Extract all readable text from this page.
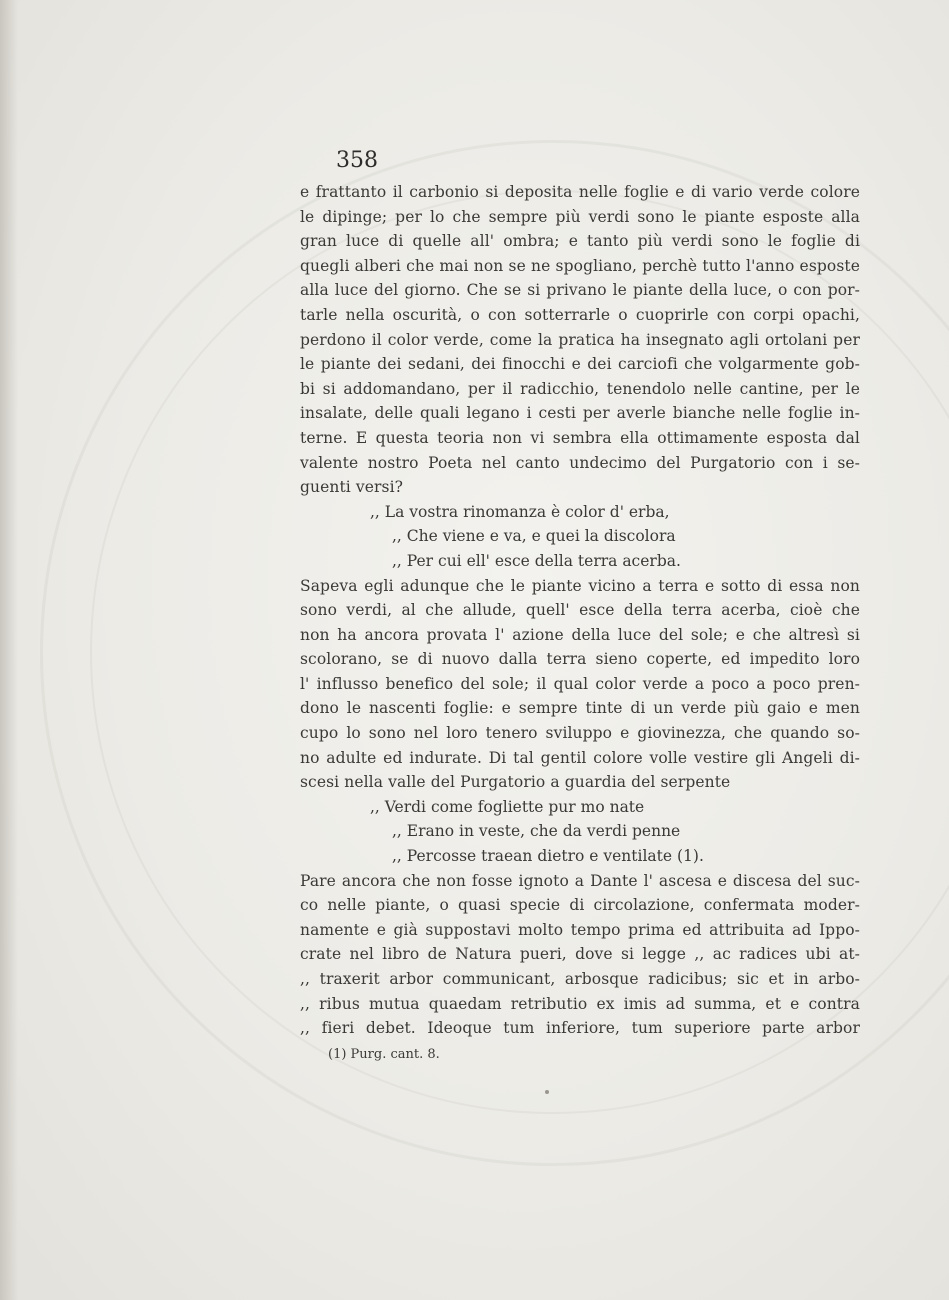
358
e frattanto il carbonio si deposita nelle foglie e di vario verde colore
le dipinge; per lo che sempre più verdi sono le piante esposte alla
gran luce di quelle all' ombra; e tanto più verdi sono le foglie di
quegli alberi che mai non se ne spogliano, perchè tutto l'anno esposte
alla luce del giorno. Che se si privano le piante della luce, o con por-
tarle nella oscurità, o con sotterrarle o cuoprirle con corpi opachi,
perdono il color verde, come la pratica ha insegnato agli ortolani per
le piante dei sedani, dei finocchi e dei carciofi che volgarmente gob-
bi si addomandano, per il radicchio, tenendolo nelle cantine, per le
insalate, delle quali legano i cesti per averle bianche nelle foglie in-
terne. E questa teoria non vi sembra ella ottimamente esposta dal
valente nostro Poeta nel canto undecimo del Purgatorio con i se-
guenti versi?
,, La vostra rinomanza è color d' erba,
,, Che viene e va, e quei la discolora
,, Per cui ell' esce della terra acerba.
Sapeva egli adunque che le piante vicino a terra e sotto di essa non
sono verdi, al che allude, quell' esce della terra acerba, cioè che
non ha ancora provata l' azione della luce del sole; e che altresì si
scolorano, se di nuovo dalla terra sieno coperte, ed impedito loro
l' influsso benefico del sole; il qual color verde a poco a poco pren-
dono le nascenti foglie: e sempre tinte di un verde più gaio e men
cupo lo sono nel loro tenero sviluppo e giovinezza, che quando so-
no adulte ed indurate. Di tal gentil colore volle vestire gli Angeli di-
scesi nella valle del Purgatorio a guardia del serpente
,, Verdi come fogliette pur mo nate
,, Erano in veste, che da verdi penne
,, Percosse traean dietro e ventilate (1).
Pare ancora che non fosse ignoto a Dante l' ascesa e discesa del suc-
co nelle piante, o quasi specie di circolazione, confermata moder-
namente e già suppostavi molto tempo prima ed attribuita ad Ippo-
crate nel libro de Natura pueri, dove si legge ,, ac radices ubi at-
,, traxerit arbor communicant, arbosque radicibus; sic et in arbo-
,, ribus mutua quaedam retributio ex imis ad summa, et e contra
,, fieri debet. Ideoque tum inferiore, tum superiore parte arbor
(1) Purg. cant. 8.
